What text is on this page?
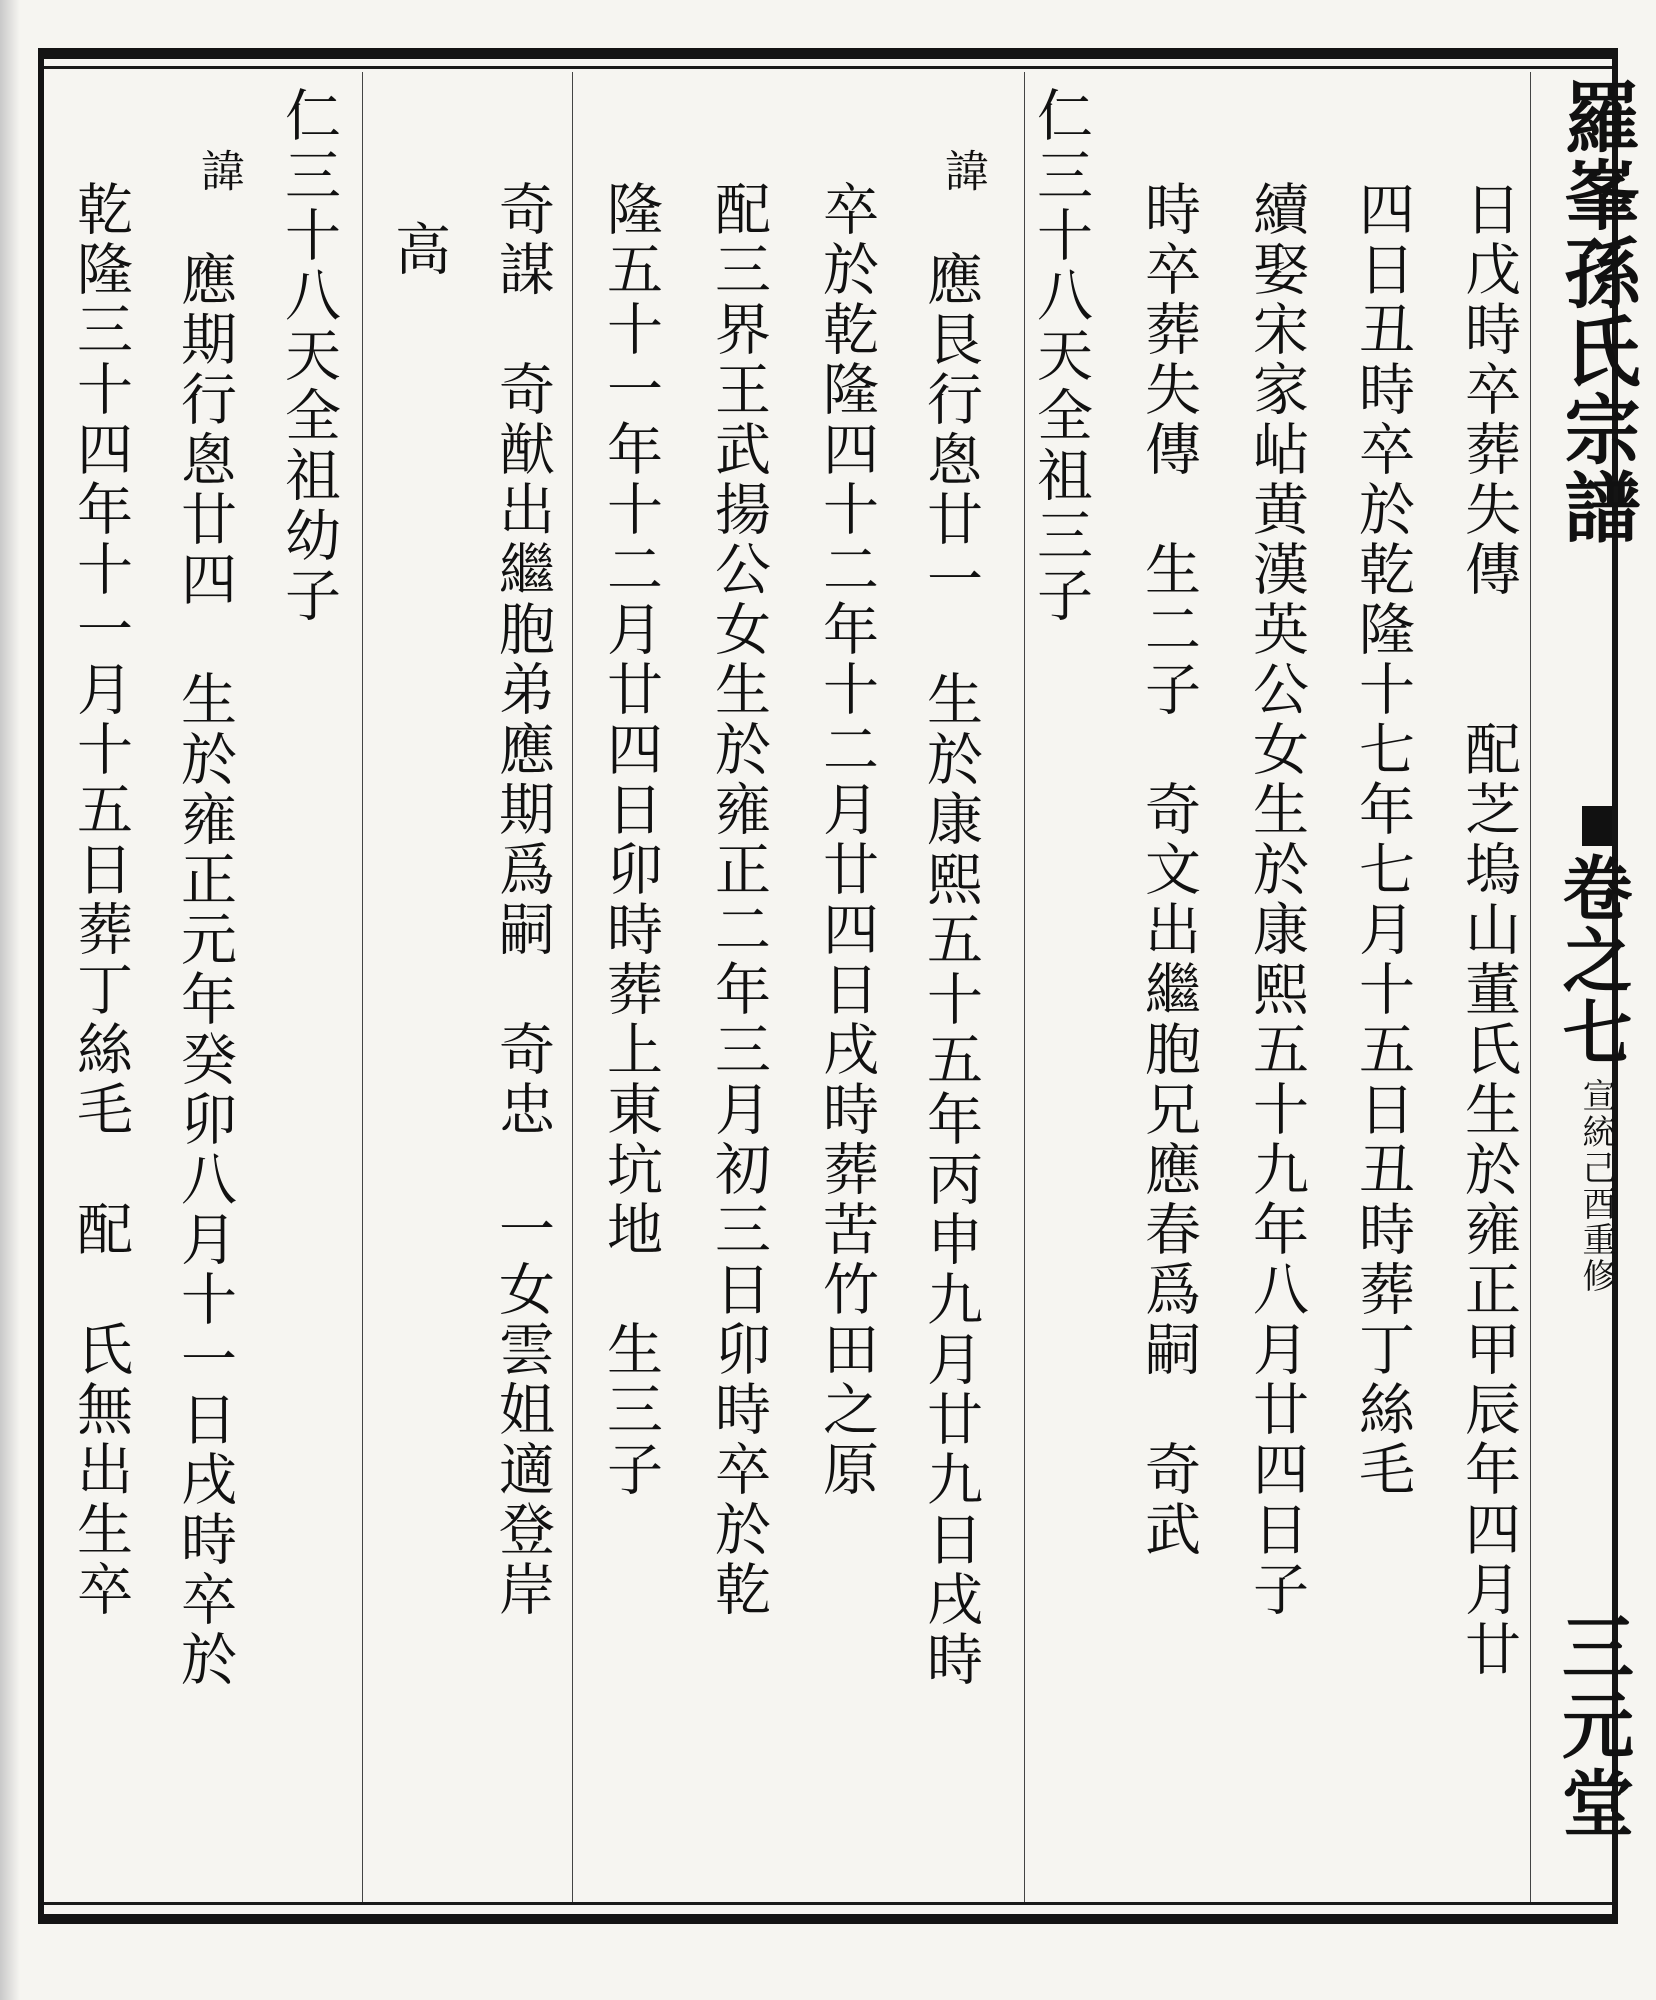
羅峯孫氏宗譜
卷之七
宣統己酉重修
三元堂
日戊時卒葬失傳　　配芝塢山董氏生於雍正甲辰年四月廿
四日丑時卒於乾隆十七年七月十五日丑時葬丁絲毛
續娶宋家岾黄漢英公女生於康熙五十九年八月廿四日子
時卒葬失傳　生二子　奇文出繼胞兄應春爲嗣　奇武
仁三十八天全祖三子
諱
應艮行悤廿一　生於康熙五十五年丙申九月廿九日戌時
卒於乾隆四十二年十二月廿四日戌時葬苦竹田之原
配三界王武揚公女生於雍正二年三月初三日卯時卒於乾
隆五十一年十二月廿四日卯時葬上東坑地　生三子
奇謀　奇猷出繼胞弟應期爲嗣　奇忠　一女雲姐適登岸
高
仁三十八天全祖幼子
諱
應期行悤廿四　生於雍正元年癸卯八月十一日戌時卒於
乾隆三十四年十一月十五日葬丁絲毛　配　氏無出生卒
